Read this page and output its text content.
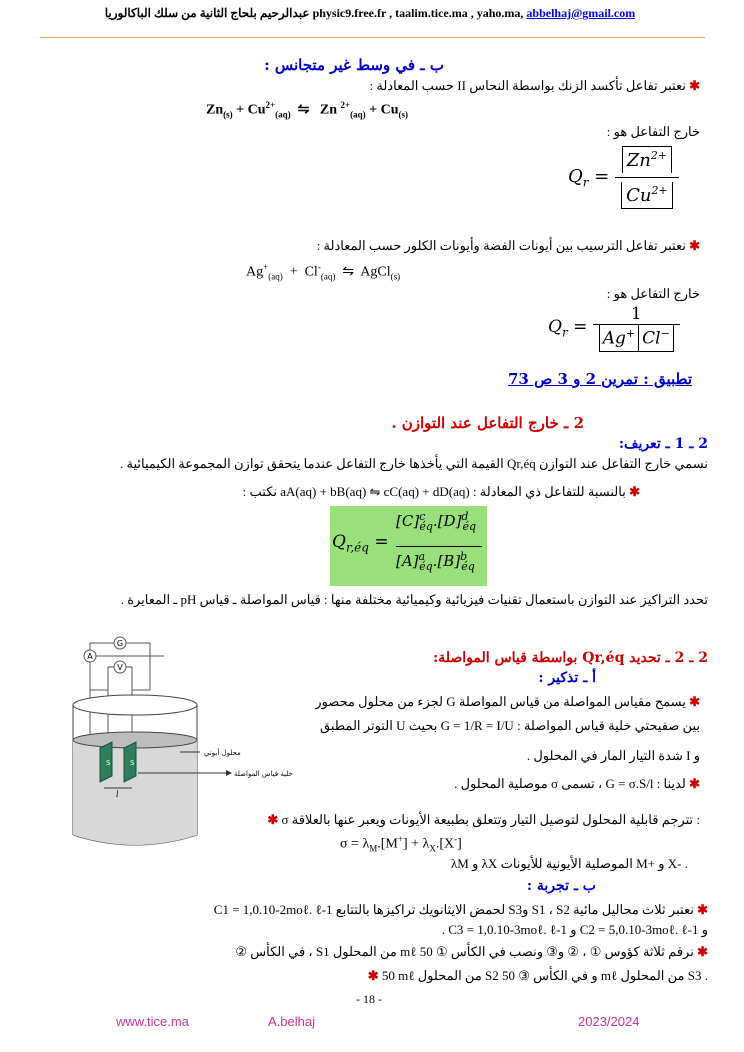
عبدالرحيم بلحاج الثانية من سلك الباكالوريا physic9.free.fr , taalim.tice.ma , yaho.ma, abbelhaj@gmail.com
ب ـ في وسط غير متجانس :
✱ نعتبر تفاعل تأكسد الزنك بواسطة النحاس II حسب المعادلة :
$Zn_{(s)} + Cu^{2+}_{(aq)}$  ⇋   Zn $^{2+}_{(aq)} + Cu_{(s)}$
خارج التفاعل هو :
$Q_r = \frac{Zn^{2+}}{Cu^{2+}}$
✱ نعتبر تفاعل الترسيب بين أيونات الفضة وأيونات الكلور حسب المعادلة :
$Ag^+_{(aq)} + Cl^-_{(aq)}$  ⇋  AgCl$_{(s)}$
خارج التفاعل هو :
$Q_r = \frac{1}{Ag^+ Cl^-}$
تطبيق : تمرين 2 و 3 ص 73
2 ـ خارج التفاعل عند التوازن .
2 ـ 1 ـ تعريف:
نسمي خارج التفاعل عند التوازن Qr,éq القيمة التي يأخذها خارج التفاعل عندما يتحقق توازن المجموعة الكيميائية .
✱ بالنسبة للتفاعل ذي المعادلة : aA(aq) + bB(aq) ⇋ cC(aq) + dD(aq) نكتب :
$Q_{r,éq}$ =
$[C]^c_{éq}.[D]^d_{éq}$
$[A]^a_{éq}.[B]^b_{éq}$
تحدد التراكيز عند التوازن باستعمال تقنيات فيزيائية وكيميائية مختلفة منها : قياس المواصلة ـ قياس pH ـ المعايرة .
2 ـ 2 ـ تحديد Qr,éq بواسطة قياس المواصلة:
أ ـ تذكير :
✱ يسمح مقياس المواصلة من قياس المواصلة G لجزء من محلول محصور
بين صفيحتي خلية قياس المواصلة : G = 1/R = I/U بحيث U التوتر المطبق
و I شدة التيار المار في المحلول .
✱ لدينا : G = σ.S/l ، تسمى σ موصلية المحلول .
✱ σ تترجم قابلية المحلول لتوصيل التيار وتتعلق بطبيعة الأيونات ويعبر عنها بالعلاقة :
$\sigma = \lambda_M.[M^+] + \lambda_X.[X^-]$
λM و λX الموصلية الأيونية للأيونات M+ و X- .
ب ـ تجربة :
✱ نعتبر ثلاث محاليل مائية S1 ، S2 وS3 لحمض الايثانويك تراكيزها بالتتابع C1 = 1,0.10-2moℓ. ℓ-1
و C2 = 5,0.10-3moℓ. ℓ-1 و C3 = 1,0.10-3moℓ. ℓ-1 .
✱ نرقم ثلاثة كؤوس ① ، ② و③ ونصب في الكأس ① 50 mℓ من المحلول S1 ، في الكأس ②
✱ 50 mℓ من المحلول S2 و في الكأس ③ 50 mℓ من المحلول S3 .
G
A
V
S	S
l
محلول أيوني
خلية قياس المواصلة
- 18 -
www.tice.ma	A.belhaj	2023/2024
